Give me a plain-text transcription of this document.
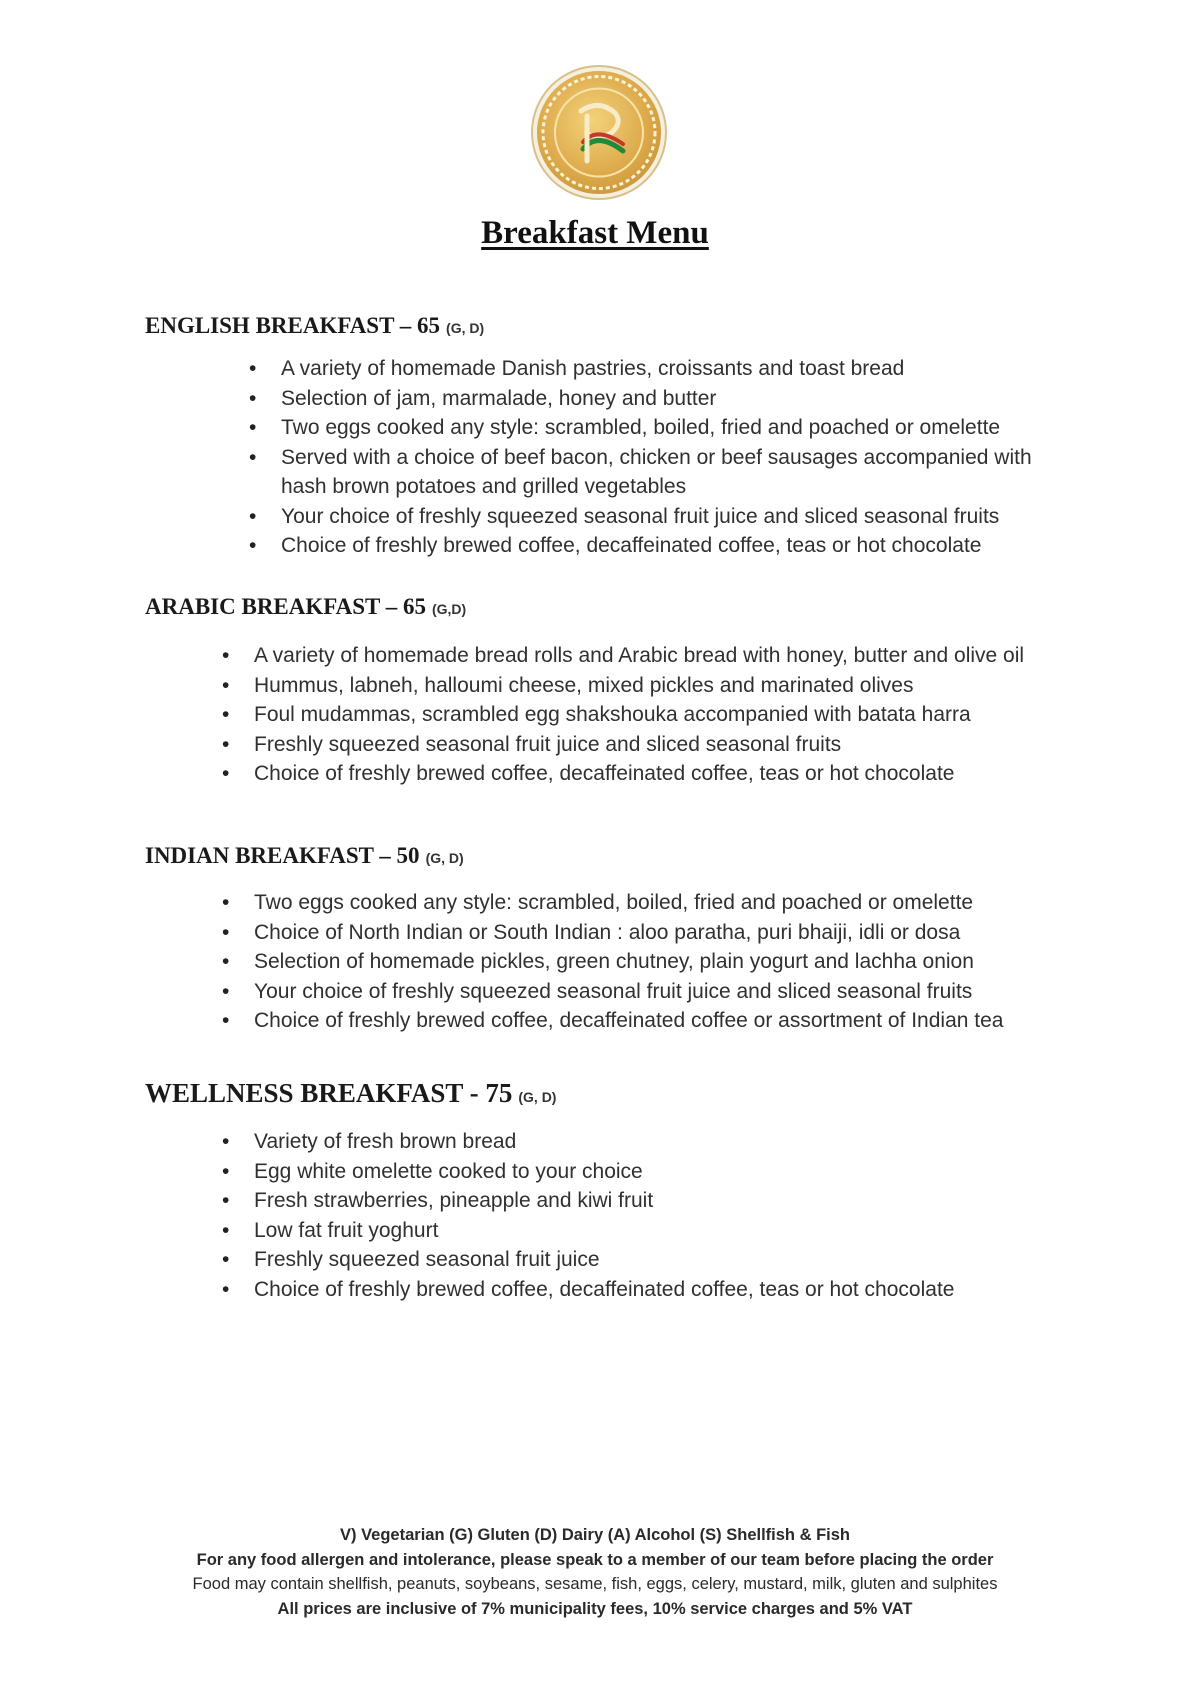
Breakfast Menu
ENGLISH BREAKFAST – 65 (G, D)
• A variety of homemade Danish pastries, croissants and toast bread
• Selection of jam, marmalade, honey and butter
• Two eggs cooked any style: scrambled, boiled, fried and poached or omelette
• Served with a choice of beef bacon, chicken or beef sausages accompanied with hash brown potatoes and grilled vegetables
• Your choice of freshly squeezed seasonal fruit juice and sliced seasonal fruits
• Choice of freshly brewed coffee, decaffeinated coffee, teas or hot chocolate
ARABIC BREAKFAST – 65 (G,D)
• A variety of homemade bread rolls and Arabic bread with honey, butter and olive oil
• Hummus, labneh, halloumi cheese, mixed pickles and marinated olives
• Foul mudammas, scrambled egg shakshouka accompanied with batata harra
• Freshly squeezed seasonal fruit juice and sliced seasonal fruits
• Choice of freshly brewed coffee, decaffeinated coffee, teas or hot chocolate
INDIAN BREAKFAST – 50 (G, D)
• Two eggs cooked any style: scrambled, boiled, fried and poached or omelette
• Choice of North Indian or South Indian : aloo paratha, puri bhaiji, idli or dosa
• Selection of homemade pickles, green chutney, plain yogurt and lachha onion
• Your choice of freshly squeezed seasonal fruit juice and sliced seasonal fruits
• Choice of freshly brewed coffee, decaffeinated coffee or assortment of Indian tea
WELLNESS BREAKFAST - 75 (G, D)
• Variety of fresh brown bread
• Egg white omelette cooked to your choice
• Fresh strawberries, pineapple and kiwi fruit
• Low fat fruit yoghurt
• Freshly squeezed seasonal fruit juice
• Choice of freshly brewed coffee, decaffeinated coffee, teas or hot chocolate
V) Vegetarian (G) Gluten (D) Dairy (A) Alcohol (S) Shellfish & Fish
For any food allergen and intolerance, please speak to a member of our team before placing the order
Food may contain shellfish, peanuts, soybeans, sesame, fish, eggs, celery, mustard, milk, gluten and sulphites
All prices are inclusive of 7% municipality fees, 10% service charges and 5% VAT
